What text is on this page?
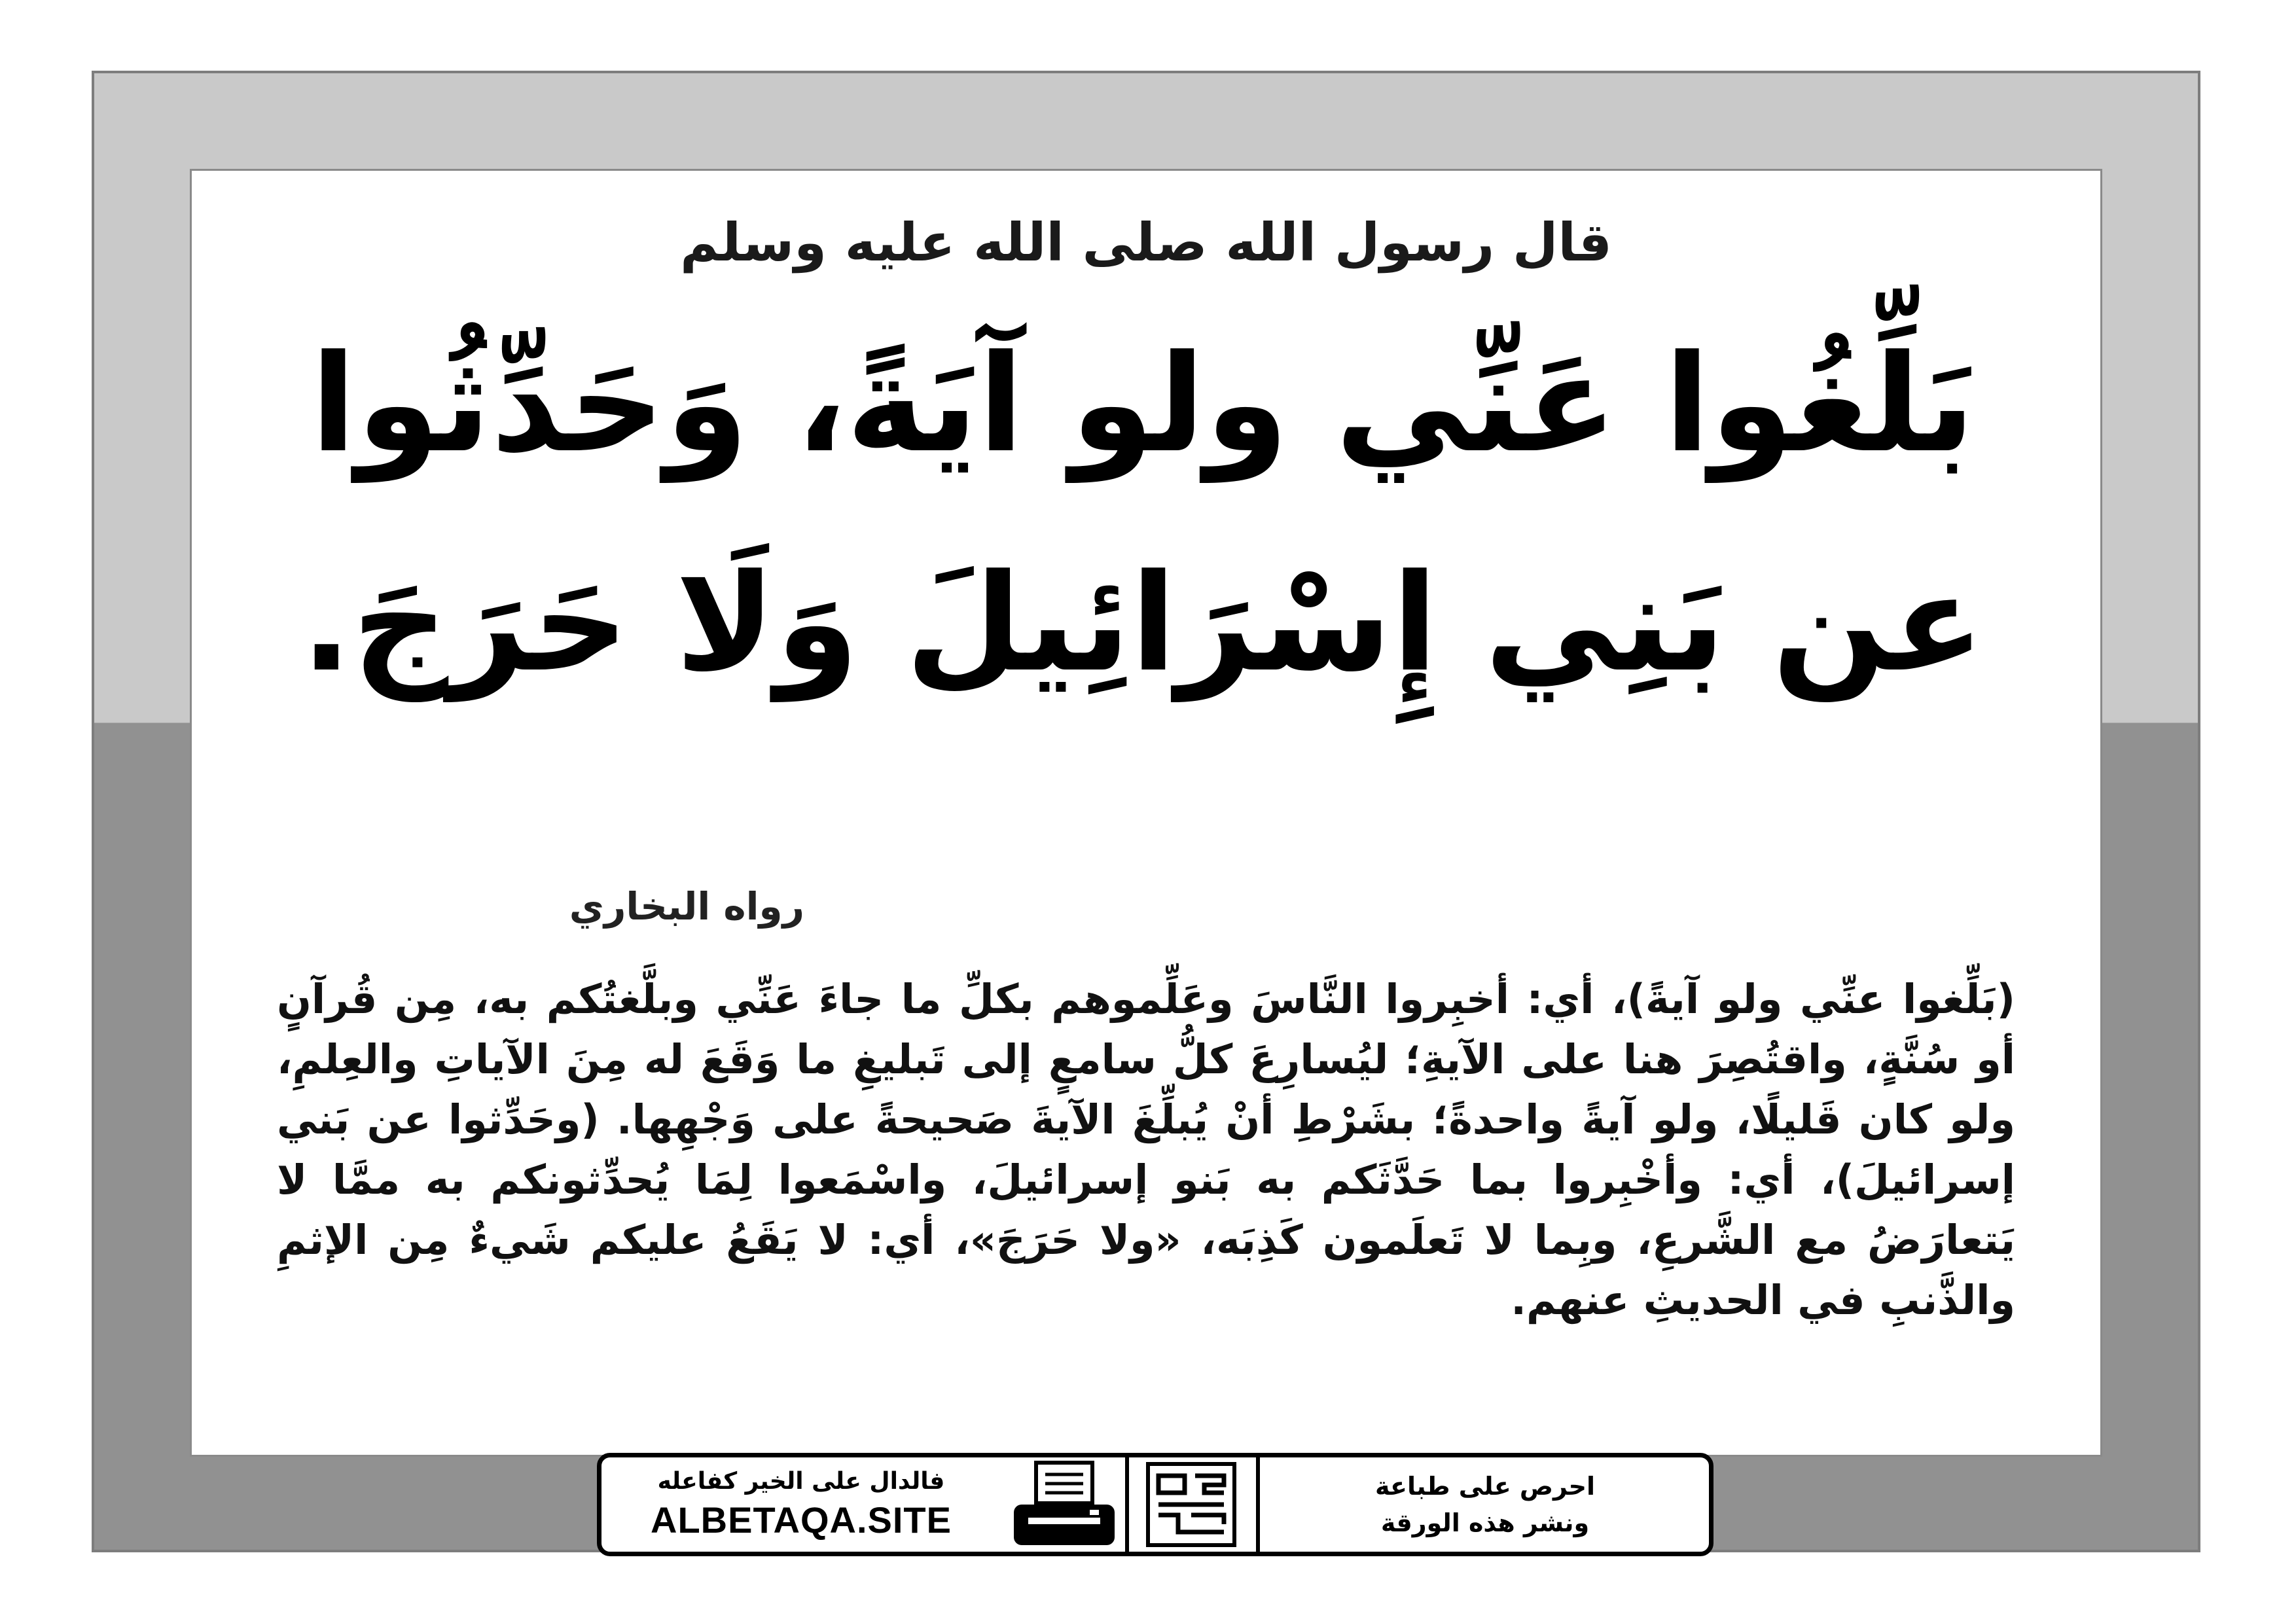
قال رسول الله صلى الله عليه وسلم
بَلِّغُوا عَنِّي ولو آيَةً، وَحَدِّثُوا
عن بَنِي إِسْرَائِيلَ وَلَا حَرَجَ.
رواه البخاري
(بَلِّغوا عنِّي ولو آيةً)، أي: أخبِروا النَّاسَ وعَلِّموهم بكلِّ ما جاءَ عَنِّي وبلَّغتُكم به، مِن قُرآنٍ أو سُنَّةٍ، واقتُصِرَ هنا على الآيةِ؛ ليُسارِعَ كلُّ سامعٍ إلى تَبليغِ ما وَقَعَ له مِنَ الآياتِ والعِلمِ، ولو كان قَليلًا، ولو آيةً واحدةً؛ بشَرْطِ أنْ يُبلِّغَ الآيةَ صَحيحةً على وَجْهِها. (وحَدِّثوا عن بَني إسرائيلَ)، أي: وأخْبِروا بما حَدَّثَكم به بَنو إسرائيلَ، واسْمَعوا لِمَا يُحدِّثونكم به ممَّا لا يَتعارَضُ مع الشَّرعِ، وبِما لا تَعلَمون كَذِبَه، «ولا حَرَجَ»، أي: لا يَقَعُ عليكم شَيءٌ مِن الإثمِ والذَّنبِ في الحديثِ عنهم.
فالدال على الخير كفاعله
ALBETAQA.SITE
احرص على طباعة
ونشر هذه الورقة
